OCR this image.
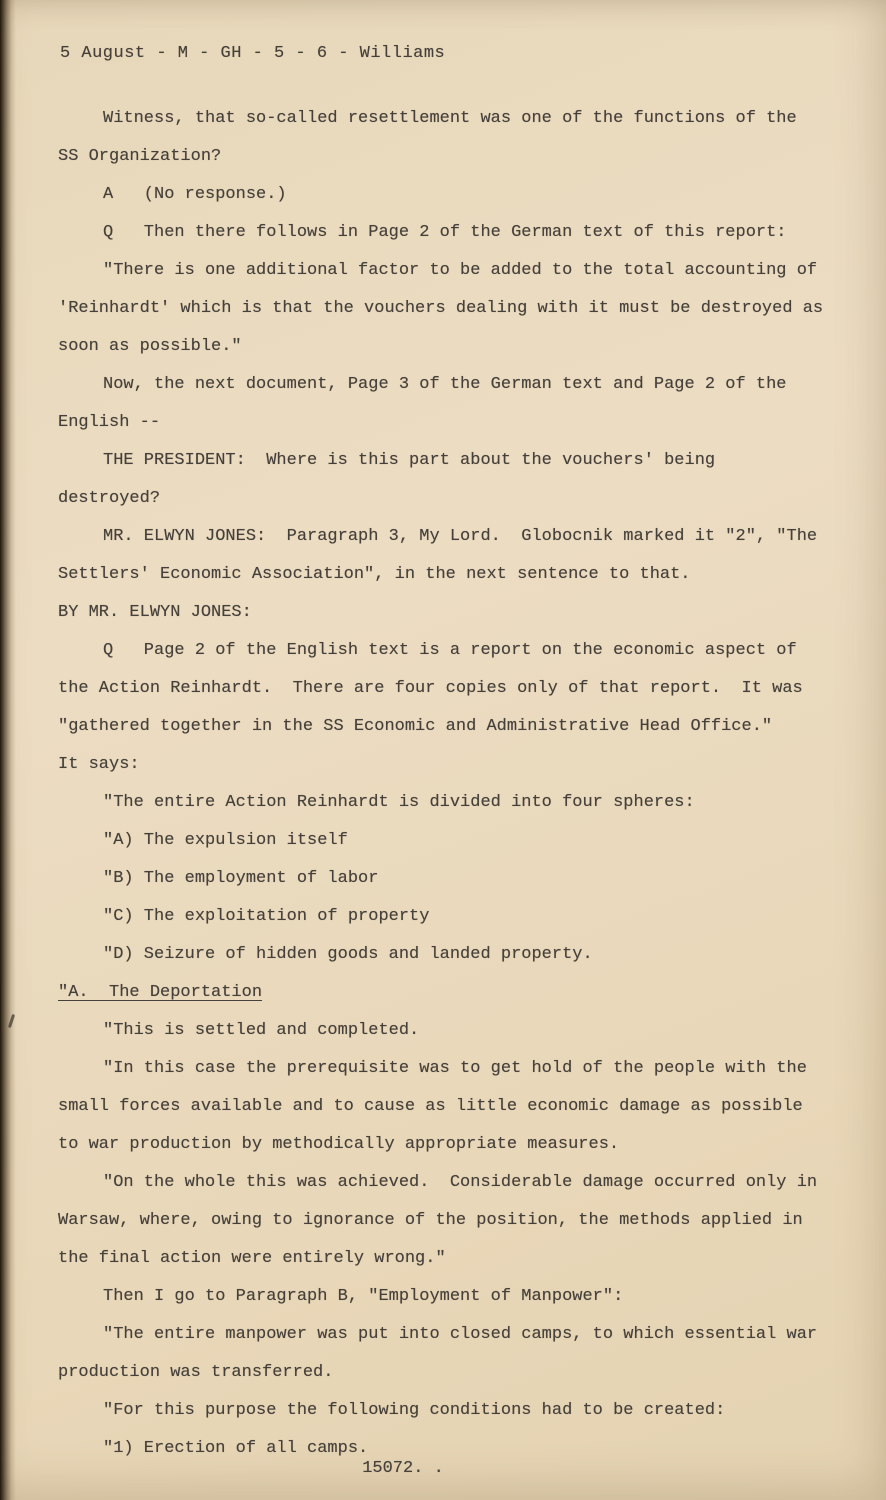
5 August - M - GH - 5 - 6 - Williams

Witness, that so-called resettlement was one of the functions of the SS Organization?

A   (No response.)

Q   Then there follows in Page 2 of the German text of this report:

"There is one additional factor to be added to the total accounting of 'Reinhardt' which is that the vouchers dealing with it must be destroyed as soon as possible."

Now, the next document, Page 3 of the German text and Page 2 of the English --

THE PRESIDENT:  Where is this part about the vouchers' being destroyed?

MR. ELWYN JONES:  Paragraph 3, My Lord.  Globocnik marked it "2", "The Settlers' Economic Association", in the next sentence to that.

BY MR. ELWYN JONES:

Q   Page 2 of the English text is a report on the economic aspect of the Action Reinhardt.  There are four copies only of that report.  It was "gathered together in the SS Economic and Administrative Head Office."

It says:

"The entire Action Reinhardt is divided into four spheres:

"A) The expulsion itself

"B) The employment of labor

"C) The exploitation of property

"D) Seizure of hidden goods and landed property.

"A.  The Deportation

"This is settled and completed.

"In this case the prerequisite was to get hold of the people with the small forces available and to cause as little economic damage as possible to war production by methodically appropriate measures.

"On the whole this was achieved.  Considerable damage occurred only in Warsaw, where, owing to ignorance of the position, the methods applied in the final action were entirely wrong."

Then I go to Paragraph B, "Employment of Manpower":

"The entire manpower was put into closed camps, to which essential war production was transferred.

"For this purpose the following conditions had to be created:

"1) Erection of all camps.

15072. .
